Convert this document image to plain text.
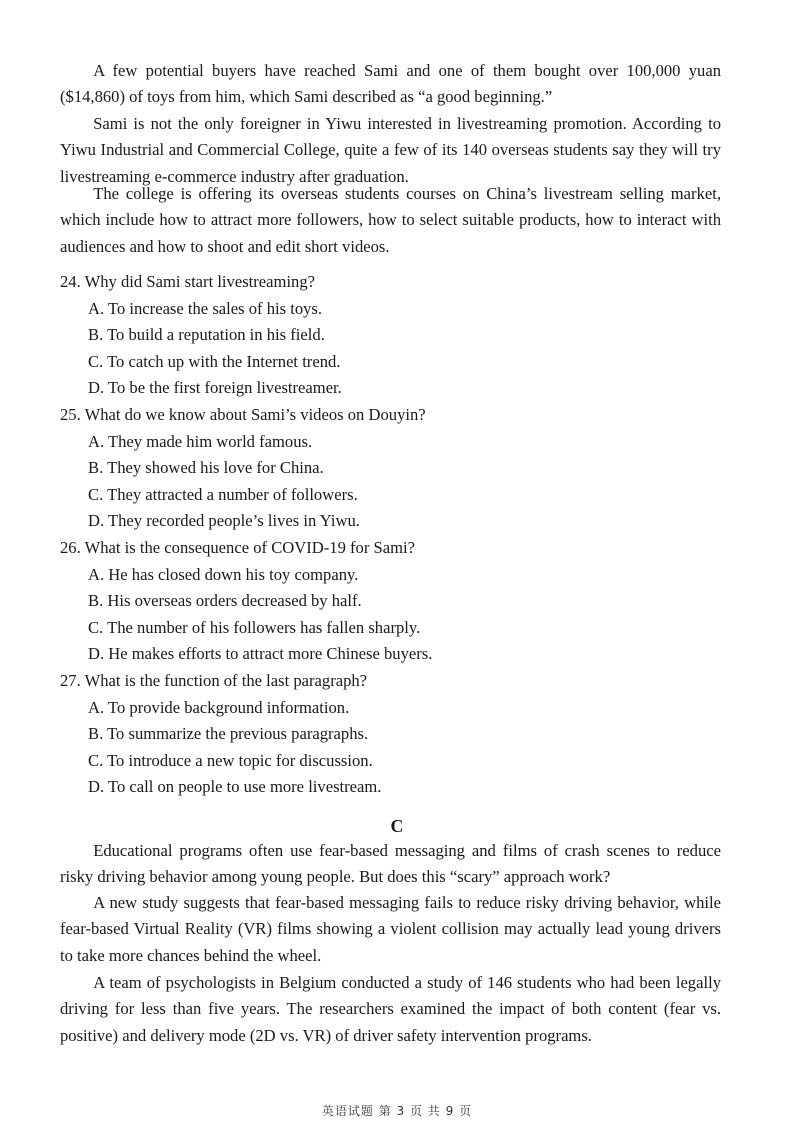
A few potential buyers have reached Sami and one of them bought over 100,000 yuan ($14,860) of toys from him, which Sami described as “a good beginning.”

Sami is not the only foreigner in Yiwu interested in livestreaming promotion. According to Yiwu Industrial and Commercial College, quite a few of its 140 overseas students say they will try livestreaming e-commerce industry after graduation.

The college is offering its overseas students courses on China’s livestream selling market, which include how to attract more followers, how to select suitable products, how to interact with audiences and how to shoot and edit short videos.

24. Why did Sami start livestreaming?

A. To increase the sales of his toys.

B. To build a reputation in his field.

C. To catch up with the Internet trend.

D. To be the first foreign livestreamer.

25. What do we know about Sami’s videos on Douyin?

A. They made him world famous.

B. They showed his love for China.

C. They attracted a number of followers.

D. They recorded people’s lives in Yiwu.

26. What is the consequence of COVID-19 for Sami?

A. He has closed down his toy company.

B. His overseas orders decreased by half.

C. The number of his followers has fallen sharply.

D. He makes efforts to attract more Chinese buyers.

27. What is the function of the last paragraph?

A. To provide background information.

B. To summarize the previous paragraphs.

C. To introduce a new topic for discussion.

D. To call on people to use more livestream.

C

Educational programs often use fear-based messaging and films of crash scenes to reduce risky driving behavior among young people. But does this “scary” approach work?

A new study suggests that fear-based messaging fails to reduce risky driving behavior, while fear-based Virtual Reality (VR) films showing a violent collision may actually lead young drivers to take more chances behind the wheel.

A team of psychologists in Belgium conducted a study of 146 students who had been legally driving for less than five years. The researchers examined the impact of both content (fear vs. positive) and delivery mode (2D vs. VR) of driver safety intervention programs.

英语试题 第 3 页 共 9 页
